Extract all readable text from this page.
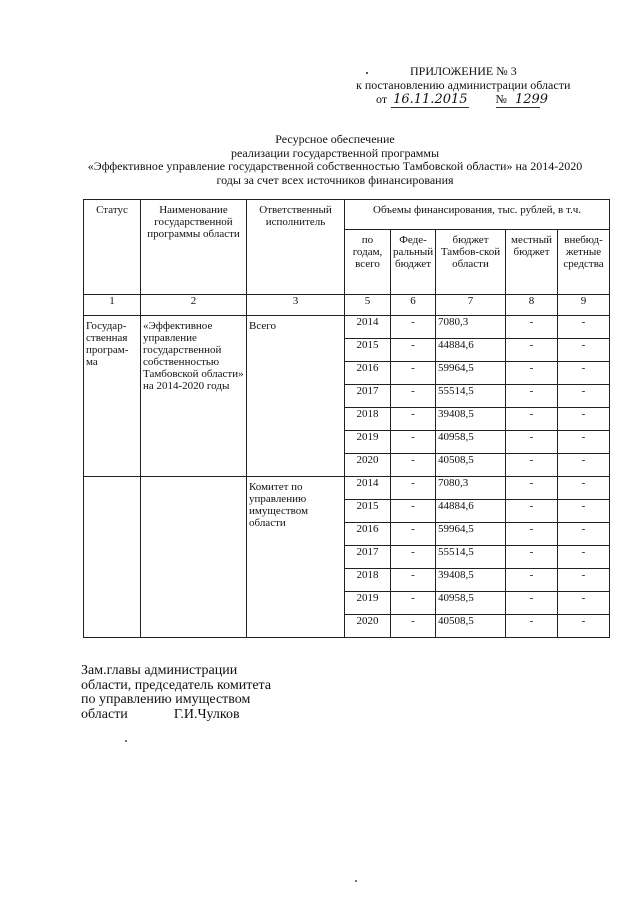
ПРИЛОЖЕНИЕ № 3
к постановлению администрации области
от 16.11.2015 № 1299
Ресурсное обеспечение
реализации государственной программы
«Эффективное управление государственной собственностью Тамбовской области» на 2014-2020
годы за счет всех источников финансирования
Статус	Наименование государственной программы области	Ответственный исполнитель	Объемы финансирования, тыс. рублей, в т.ч.				
			по годам, всего	Феде-ральный бюджет	бюджет Тамбов-ской области	местный бюджет	внебюд-жетные средства
1	2	3	5	6	7	8	9
Государ-ственная програм-ма	«Эффективное управление государственной собственностью Тамбовской области» на 2014-2020 годы	Всего	2014	-	7080,3	-	-
			2015	-	44884,6	-	-
			2016	-	59964,5	-	-
			2017	-	55514,5	-	-
			2018	-	39408,5	-	-
			2019	-	40958,5	-	-
			2020	-	40508,5	-	-
		Комитет по управлению имуществом области	2014	-	7080,3	-	-
			2015	-	44884,6	-	-
			2016	-	59964,5	-	-
			2017	-	55514,5	-	-
			2018	-	39408,5	-	-
			2019	-	40958,5	-	-
			2020	-	40508,5	-	-
Зам.главы администрации
области, председатель комитета
по управлению имуществом
области	Г.И.Чулков
